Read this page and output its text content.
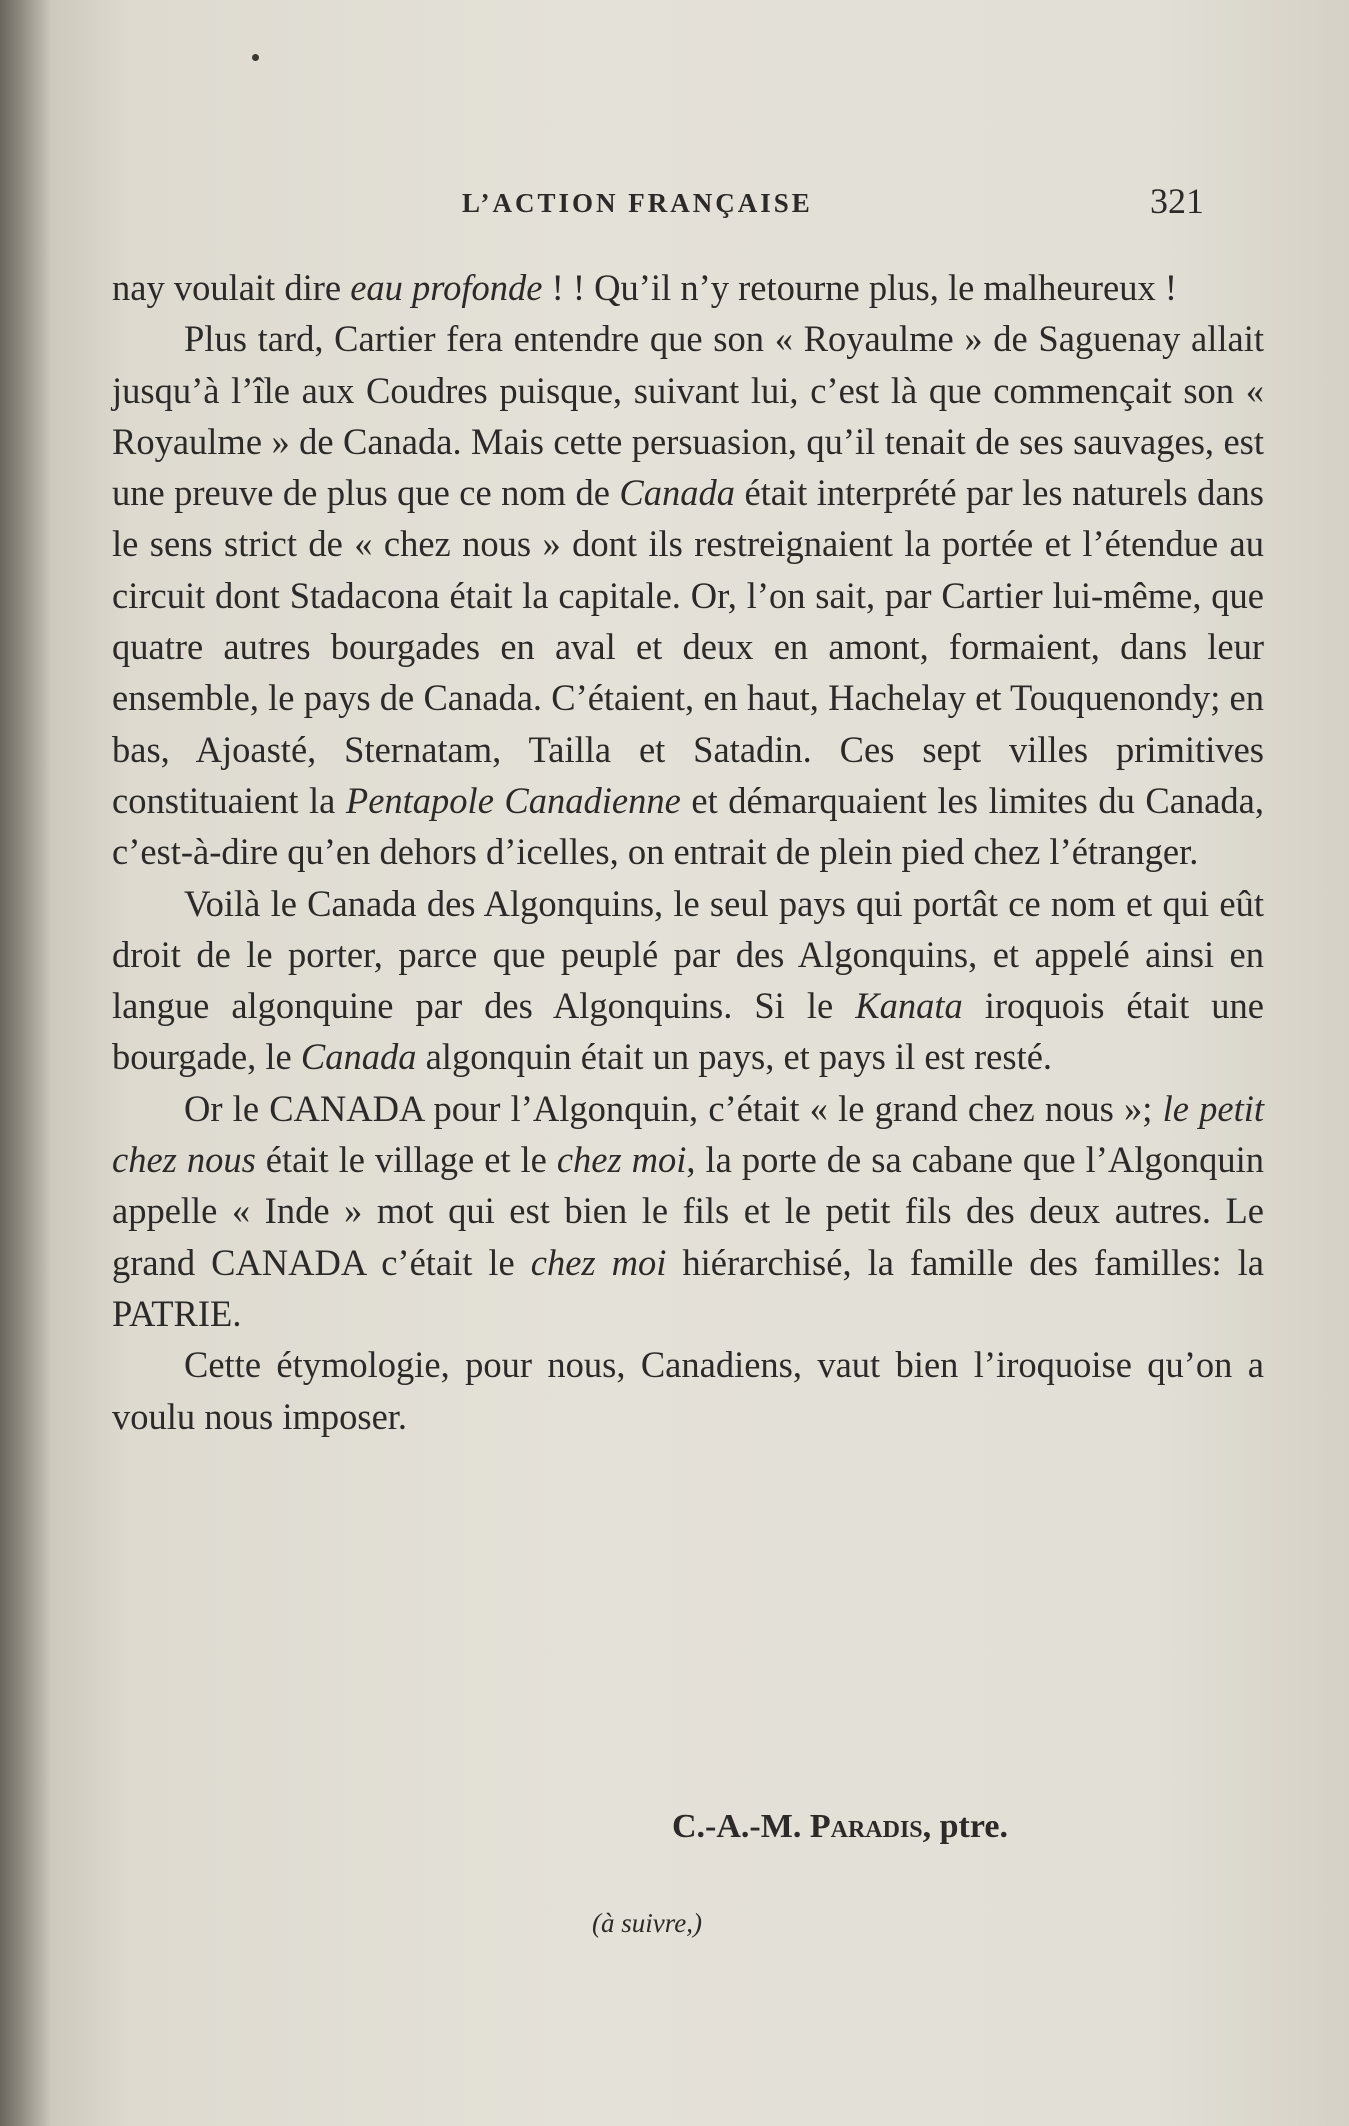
L’ACTION FRANÇAISE	321

nay voulait dire eau profonde ! ! Qu’il n’y retourne plus, le malheureux !

Plus tard, Cartier fera entendre que son « Royaulme » de Saguenay allait jusqu’à l’île aux Coudres puisque, suivant lui, c’est là que commençait son « Royaulme » de Canada. Mais cette persuasion, qu’il tenait de ses sauvages, est une preuve de plus que ce nom de Canada était interprété par les naturels dans le sens strict de « chez nous » dont ils restreignaient la portée et l’étendue au circuit dont Stadacona était la capitale. Or, l’on sait, par Cartier lui-même, que quatre autres bourgades en aval et deux en amont, formaient, dans leur ensemble, le pays de Canada. C’étaient, en haut, Hachelay et Touquenondy; en bas, Ajoasté, Sternatam, Tailla et Satadin. Ces sept villes primitives constituaient la Pentapole Canadienne et démarquaient les limites du Canada, c’est-à-dire qu’en dehors d’icelles, on entrait de plein pied chez l’étranger.

Voilà le Canada des Algonquins, le seul pays qui portât ce nom et qui eût droit de le porter, parce que peuplé par des Algonquins, et appelé ainsi en langue algonquine par des Algonquins. Si le Kanata iroquois était une bourgade, le Canada algonquin était un pays, et pays il est resté.

Or le CANADA pour l’Algonquin, c’était « le grand chez nous »; le petit chez nous était le village et le chez moi, la porte de sa cabane que l’Algonquin appelle « Inde » mot qui est bien le fils et le petit fils des deux autres. Le grand CANADA c’était le chez moi hiérarchisé, la famille des familles: la PATRIE.

Cette étymologie, pour nous, Canadiens, vaut bien l’iroquoise qu’on a voulu nous imposer.

C.-A.-M. Paradis, ptre.
(à suivre,)
